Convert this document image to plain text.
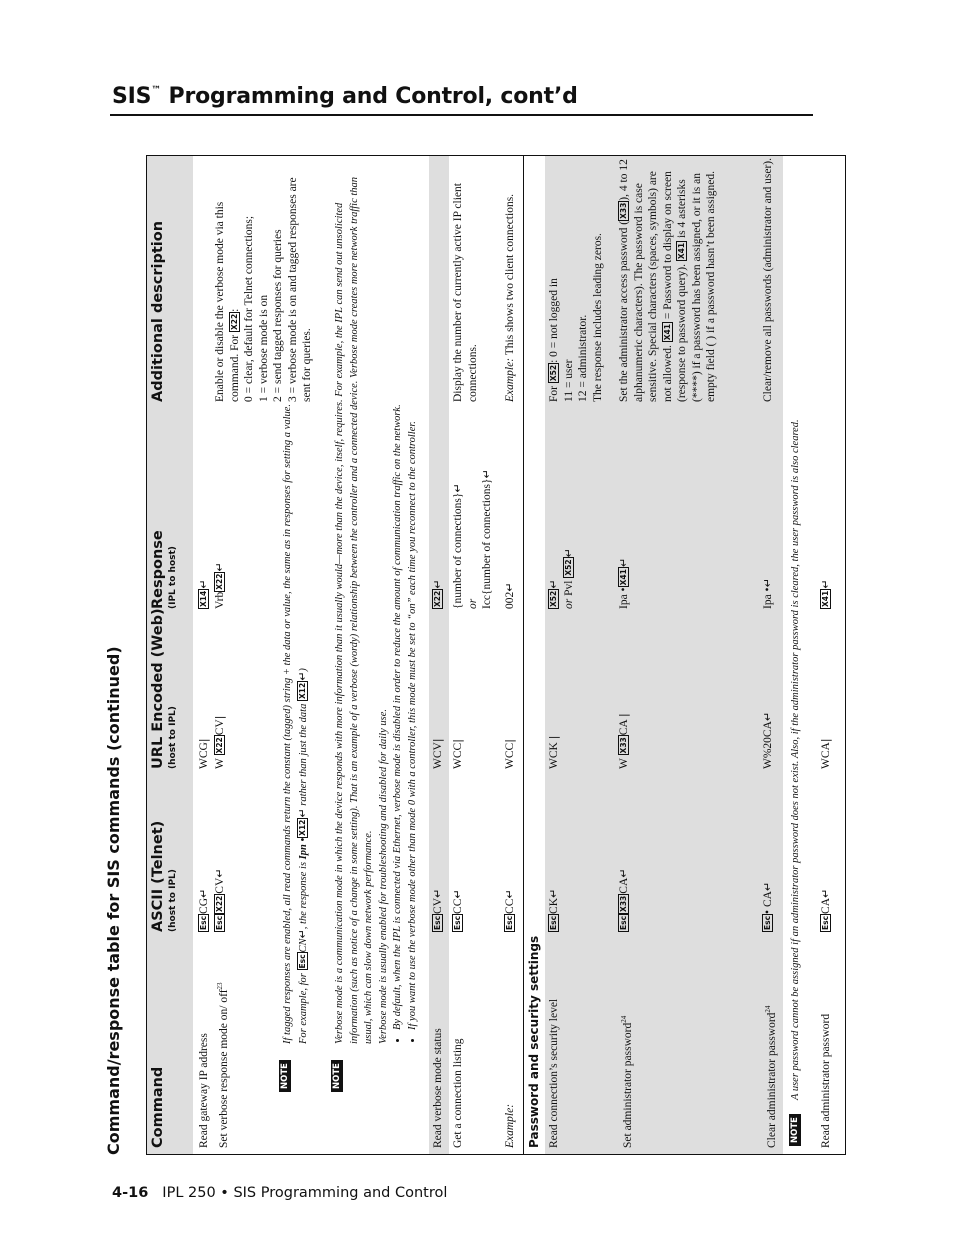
SIS™ Programming and Control, cont’d
Command/response table for SIS commands (continued) Command
ASCII (Telnet) (host to IPL)
URL Encoded (Web) (host to IPL)
Response (IPL to host)
Additional description
Read gateway IP address
EscCG↵
WCG|
X14↵
Set verbose response mode on/ off$^{23}$
EscX22CV↵
W X22CV|
VrbX22↵
Enable or disable the verbose mode via this command. For X22: 0 = clear, default for Telnet connections; 1 = verbose mode is on 2 = send tagged responses for queries 3 = verbose mode is on and tagged responses are sent for queries.
NOTE
If tagged responses are enabled, all read commands return the constant (tagged) string + the data or value, the same as in responses for setting a value. For example, for EscCN↵, the response is Ipn •X12↵ rather than just the data X12↵)
NOTE
Verbose mode is a communication mode in which the device responds with more information than it usually would—more than the device, itself, requires. For example, the IPL can send out unsolicited information (such as notice of a change in some setting). That is an example of a verbose (wordy) relationship between the controller and a connected device. Verbose mode creates more network traffic than usual, which can slow down network performance. Verbose mode is usually enabled for troubleshooting and disabled for daily use. • By default, when the IPL is connected via Ethernet, verbose mode is disabled in order to reduce the amount of communication traffic on the network. • If you want to use the verbose mode other than mode 0 with a controller, this mode must be set to “on” each time you reconnect to the controller.
Read verbose mode status
EscCV↵
WCV|
X22↵
Get a connection listing
EscCC↵
WCC|
{number of connections}↵
or Icc{number of connections}↵
Display the number of currently active IP client connections.
Example:
EscCC↵
WCC|
002↵
Example: This shows two client connections.
Password and security settings Read connection’s security level
EscCK↵
WCK |
X52↵
or Pvl X52↵
For X52: 0 = not logged in
11 = user 12 = administrator. The response includes leading zeros.
Set administrator password$^{24}$
EscX33CA↵
W X33CA |
Ipa •X41↵
Set the administrator access password (X33), 4 to 12 alphanumeric characters). The password is case sensitive. Special characters (spaces, symbols) are not allowed. X41 = Password to display on screen (response to password query). X41 is 4 asterisks (****) if a password has been assigned, or it is an empty field ( ) if a password hasn’t been assigned.
Clear administrator password$^{24}$
Esc• CA↵
W%20CA↵
Ipa •↵
Clear/remove all passwords (administrator and user).
NOTE
A user password cannot be assigned if an administrator password does not exist. Also, if the administrator password is cleared, the user password is also cleared. Read administrator password
EscCA↵
WCA|
X41↵
4-16 IPL 250 • SIS Programming and Control
